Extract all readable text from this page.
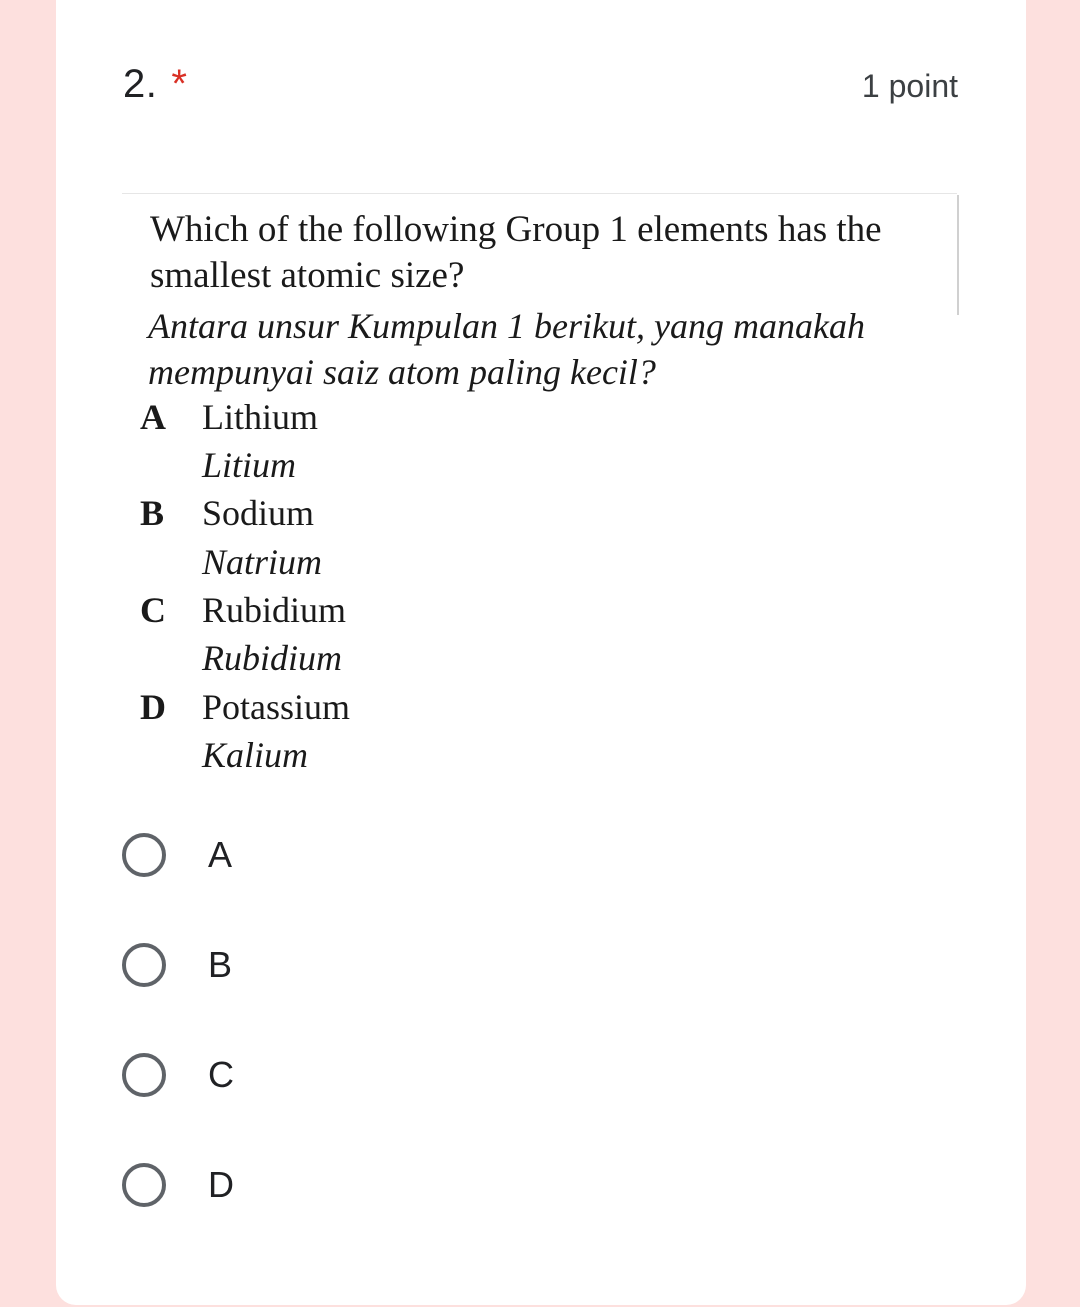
2. *	1 point

Which of the following Group 1 elements has the smallest atomic size?

Antara unsur Kumpulan 1 berikut, yang manakah mempunyai saiz atom paling kecil?

A Lithium
Litium
B Sodium
Natrium
C Rubidium
Rubidium
D Potassium
Kalium
A
B
C
D
